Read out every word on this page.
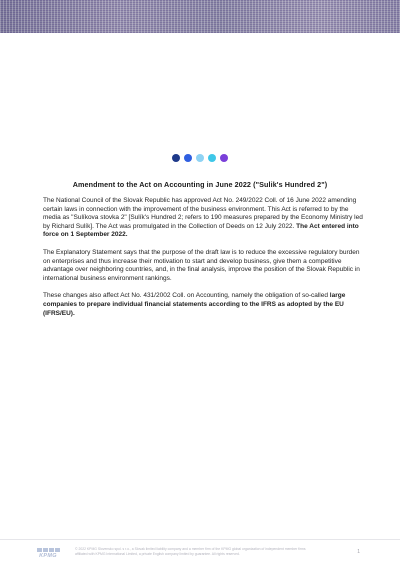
Amendment to the Act on Accounting in June 2022 ("Sulik's Hundred 2")

The National Council of the Slovak Republic has approved Act No. 249/2022 Coll. of 16 June 2022 amending certain laws in connection with the improvement of the business environment. This Act is referred to by the media as "Sulíkova stovka 2" [Sulík's Hundred 2; refers to 190 measures prepared by the Economy Ministry led by Richard Sulík]. The Act was promulgated in the Collection of Deeds on 12 July 2022. The Act entered into force on 1 September 2022.

The Explanatory Statement says that the purpose of the draft law is to reduce the excessive regulatory burden on enterprises and thus increase their motivation to start and develop business, give them a competitive advantage over neighboring countries, and, in the final analysis, improve the position of the Slovak Republic in international business environment rankings.

These changes also affect Act No. 431/2002 Coll. on Accounting, namely the obligation of so-called large companies to prepare individual financial statements according to the IFRS as adopted by the EU (IFRS/EU).

KPMG
© 2022 KPMG Slovensko spol. s r.o., a Slovak limited liability company and a member firm of the KPMG global organization of independent member firms affiliated with KPMG International Limited, a private English company limited by guarantee. All rights reserved.	1
